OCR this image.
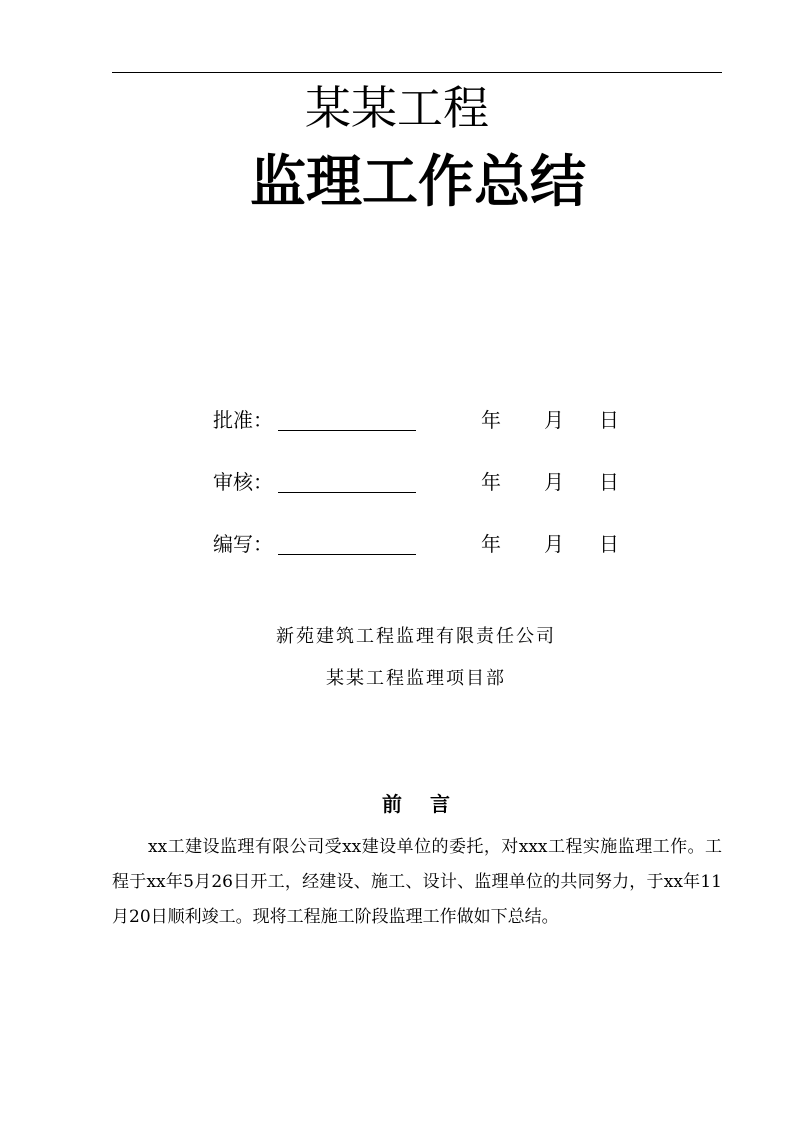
某某工程
监理工作总结
批准：	年 月 日
审核：	年 月 日
编写：	年 月 日
新苑建筑工程监理有限责任公司
某某工程监理项目部
前 言
xx工建设监理有限公司受xx建设单位的委托，对xxx工程实施监理工作。工程于xx年5月26日开工，经建设、施工、设计、监理单位的共同努力，于xx年11月20日顺利竣工。现将工程施工阶段监理工作做如下总结。
